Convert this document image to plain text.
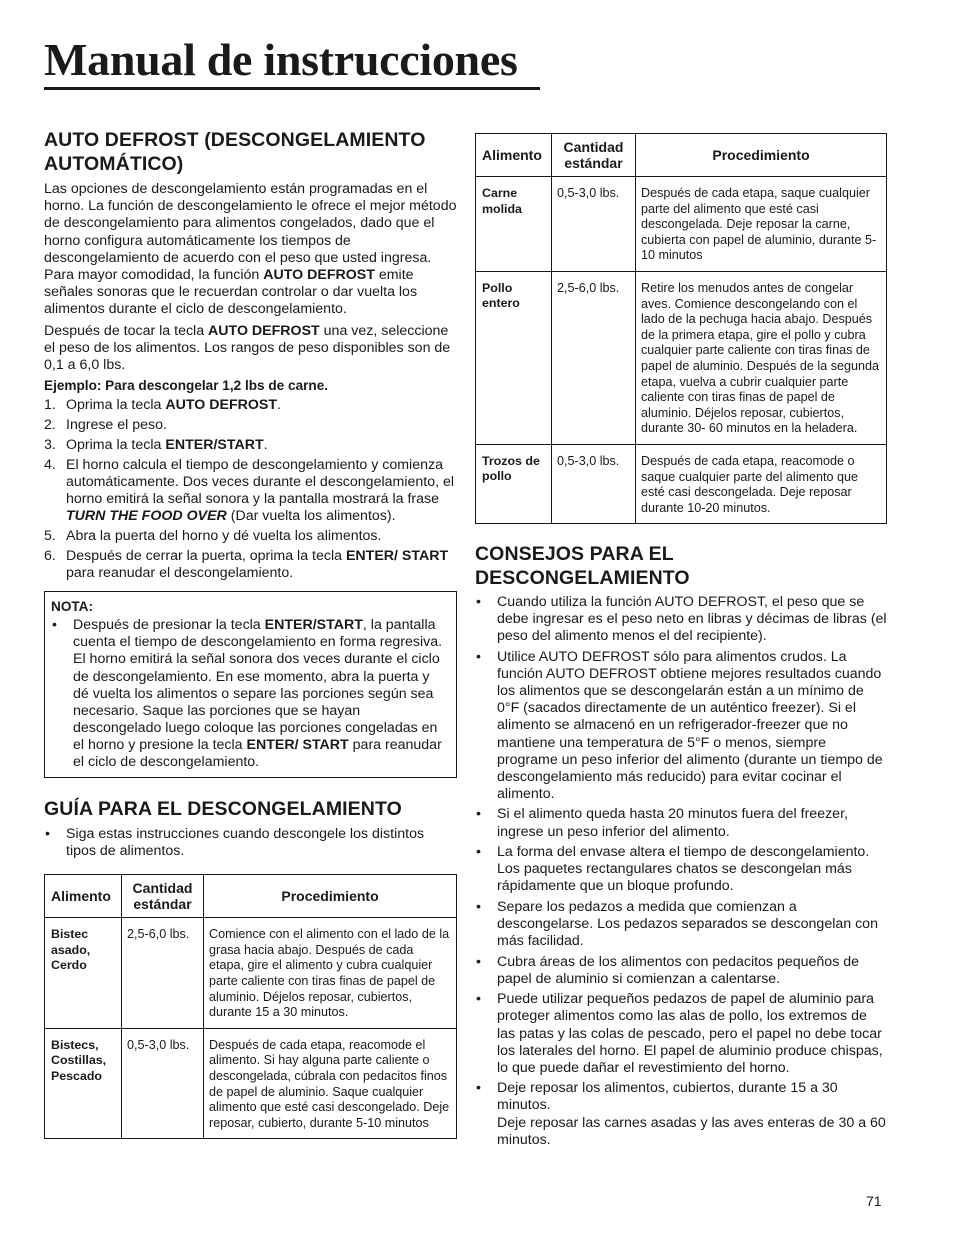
Manual de instrucciones
AUTO DEFROST (DESCONGELAMIENTO AUTOMÁTICO)

Las opciones de descongelamiento están programadas en el horno. La función de descongelamiento le ofrece el mejor método de descongelamiento para alimentos congelados, dado que el horno configura automáticamente los tiempos de descongelamiento de acuerdo con el peso que usted ingresa. Para mayor comodidad, la función AUTO DEFROST emite señales sonoras que le recuerdan controlar o dar vuelta los alimentos durante el ciclo de descongelamiento.

Después de tocar la tecla AUTO DEFROST una vez, seleccione el peso de los alimentos. Los rangos de peso disponibles son de 0,1 a 6,0 lbs.

Ejemplo: Para descongelar 1,2 lbs de carne.

1. Oprima la tecla AUTO DEFROST.
2. Ingrese el peso.
3. Oprima la tecla ENTER/START.
4. El horno calcula el tiempo de descongelamiento y comienza automáticamente. Dos veces durante el descongelamiento, el horno emitirá la señal sonora y la pantalla mostrará la frase TURN THE FOOD OVER (Dar vuelta los alimentos).
5. Abra la puerta del horno y dé vuelta los alimentos.
6. Después de cerrar la puerta, oprima la tecla ENTER/ START para reanudar el descongelamiento.
NOTA:
• Después de presionar la tecla ENTER/START, la pantalla cuenta el tiempo de descongelamiento en forma regresiva. El horno emitirá la señal sonora dos veces durante el ciclo de descongelamiento. En ese momento, abra la puerta y dé vuelta los alimentos o separe las porciones según sea necesario. Saque las porciones que se hayan descongelado luego coloque las porciones congeladas en el horno y presione la tecla ENTER/ START para reanudar el ciclo de descongelamiento.
GUÍA PARA EL DESCONGELAMIENTO
• Siga estas instrucciones cuando descongele los distintos tipos de alimentos.
Alimento	Cantidad estándar	Procedimiento
Bistec asado, Cerdo	2,5-6,0 lbs.	Comience con el alimento con el lado de la grasa hacia abajo. Después de cada etapa, gire el alimento y cubra cualquier parte caliente con tiras finas de papel de aluminio. Déjelos reposar, cubiertos, durante 15 a 30 minutos.
Bistecs, Costillas, Pescado	0,5-3,0 lbs.	Después de cada etapa, reacomode el alimento. Si hay alguna parte caliente o descongelada, cúbrala con pedacitos finos de papel de aluminio. Saque cualquier alimento que esté casi descongelado. Deje reposar, cubierto, durante 5-10 minutos
Alimento	Cantidad estándar	Procedimiento
Carne molida	0,5-3,0 lbs.	Después de cada etapa, saque cualquier parte del alimento que esté casi descongelada. Deje reposar la carne, cubierta con papel de aluminio, durante 5-10 minutos
Pollo entero	2,5-6,0 lbs.	Retire los menudos antes de congelar aves. Comience descongelando con el lado de la pechuga hacia abajo. Después de la primera etapa, gire el pollo y cubra cualquier parte caliente con tiras finas de papel de aluminio. Después de la segunda etapa, vuelva a cubrir cualquier parte caliente con tiras finas de papel de aluminio. Déjelos reposar, cubiertos, durante 30- 60 minutos en la heladera.
Trozos de pollo	0,5-3,0 lbs.	Después de cada etapa, reacomode o saque cualquier parte del alimento que esté casi descongelada. Deje reposar durante 10-20 minutos.
CONSEJOS PARA EL DESCONGELAMIENTO
• Cuando utiliza la función AUTO DEFROST, el peso que se debe ingresar es el peso neto en libras y décimas de libras (el peso del alimento menos el del recipiente).
• Utilice AUTO DEFROST sólo para alimentos crudos. La función AUTO DEFROST obtiene mejores resultados cuando los alimentos que se descongelarán están a un mínimo de 0°F (sacados directamente de un auténtico freezer). Si el alimento se almacenó en un refrigerador-freezer que no mantiene una temperatura de 5°F o menos, siempre programe un peso inferior del alimento (durante un tiempo de descongelamiento más reducido) para evitar cocinar el alimento.
• Si el alimento queda hasta 20 minutos fuera del freezer, ingrese un peso inferior del alimento.
• La forma del envase altera el tiempo de descongelamiento. Los paquetes rectangulares chatos se descongelan más rápidamente que un bloque profundo.
• Separe los pedazos a medida que comienzan a descongelarse. Los pedazos separados se descongelan con más facilidad.
• Cubra áreas de los alimentos con pedacitos pequeños de papel de aluminio si comienzan a calentarse.
• Puede utilizar pequeños pedazos de papel de aluminio para proteger alimentos como las alas de pollo, los extremos de las patas y las colas de pescado, pero el papel no debe tocar los laterales del horno. El papel de aluminio produce chispas, lo que puede dañar el revestimiento del horno.
• Deje reposar los alimentos, cubiertos, durante 15 a 30 minutos.
Deje reposar las carnes asadas y las aves enteras de 30 a 60 minutos.
71
